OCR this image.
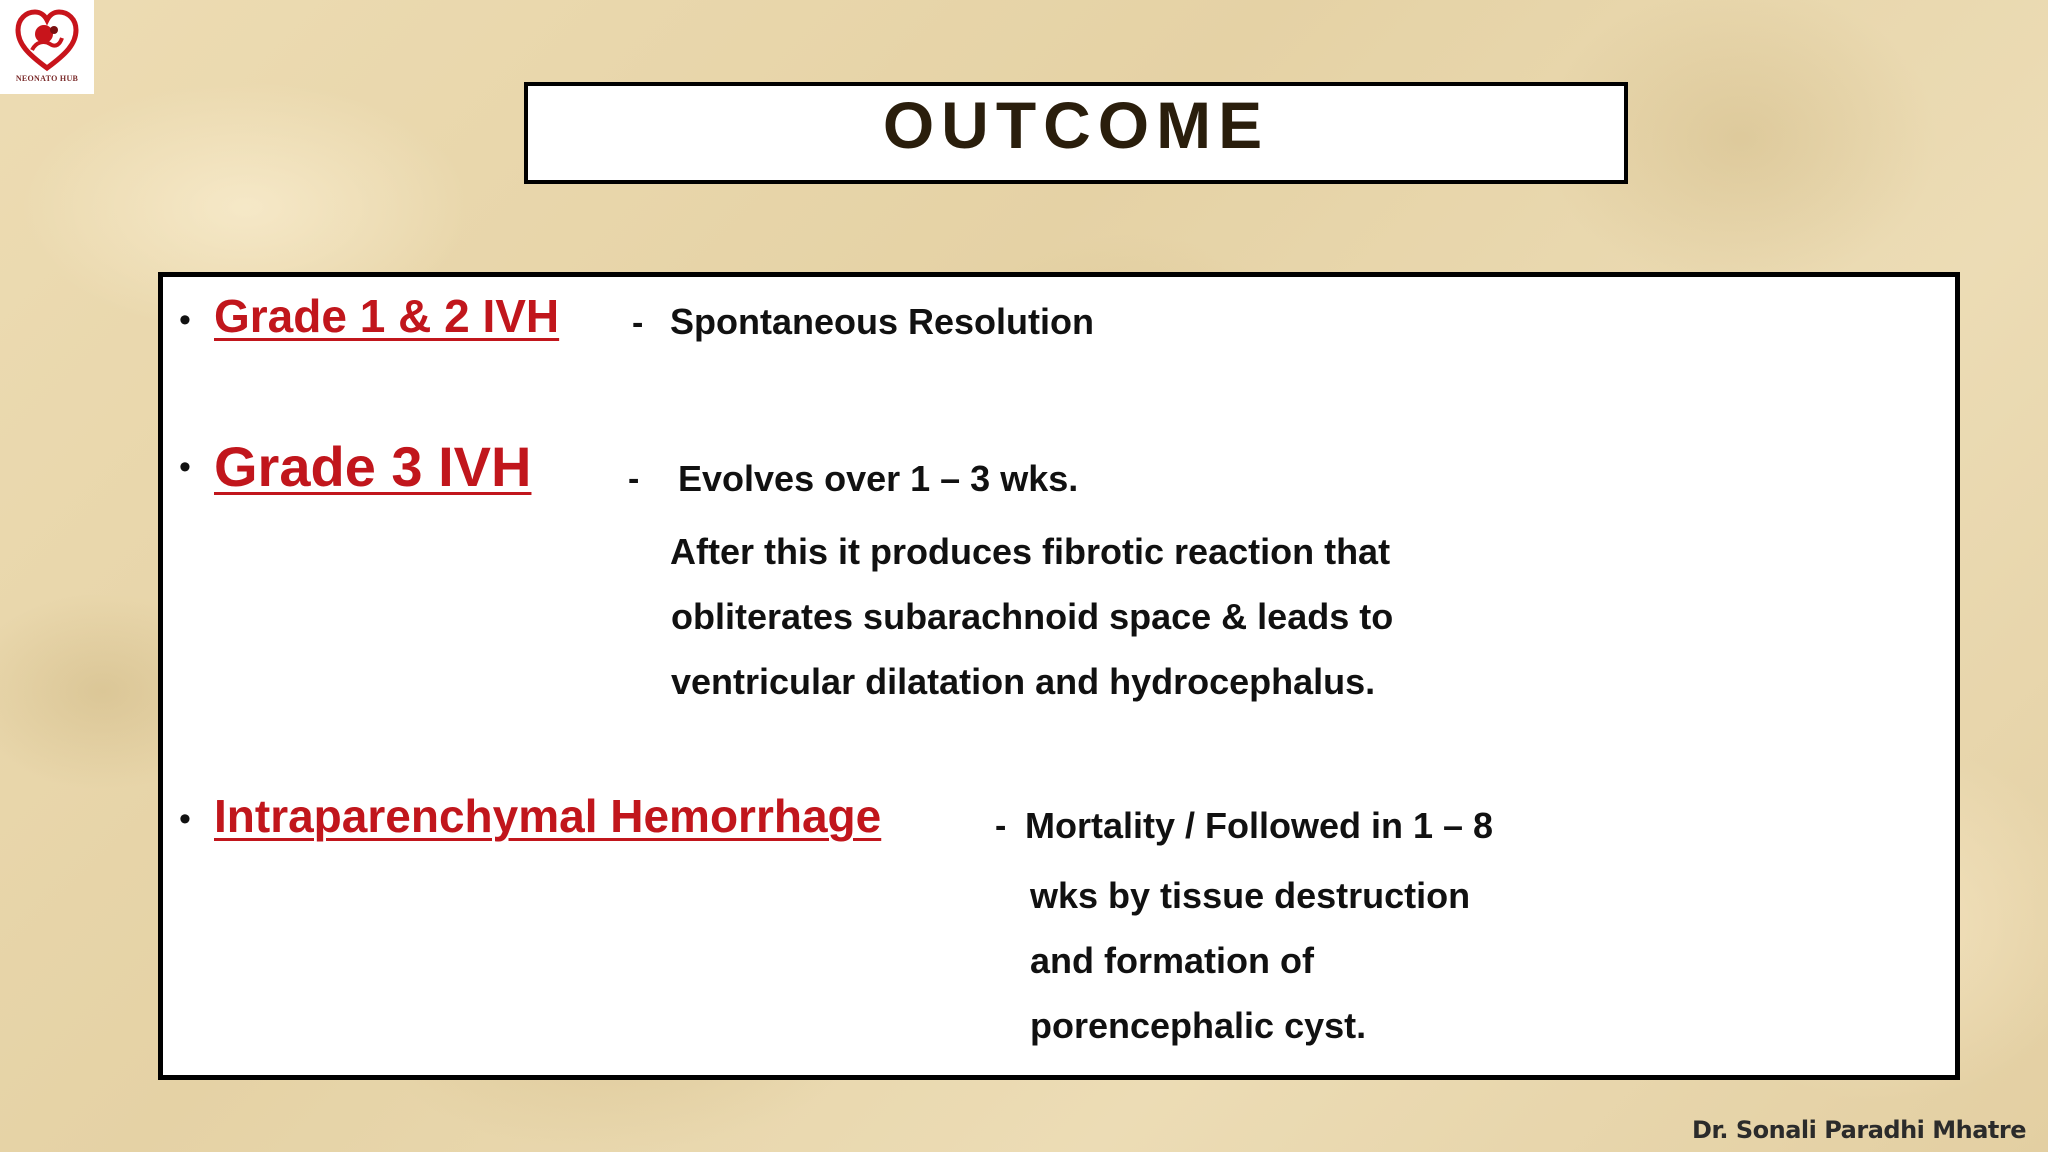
NEONATO HUB
OUTCOME
• Grade 1 & 2 IVH - Spontaneous Resolution
• Grade 3 IVH	- Evolves over 1 – 3 wks.
After this it produces fibrotic reaction that
obliterates subarachnoid space & leads to
ventricular dilatation and hydrocephalus.
• Intraparenchymal Hemorrhage	- Mortality / Followed in 1 – 8
wks by tissue destruction
and formation of
porencephalic cyst.
Dr. Sonali Paradhi Mhatre
